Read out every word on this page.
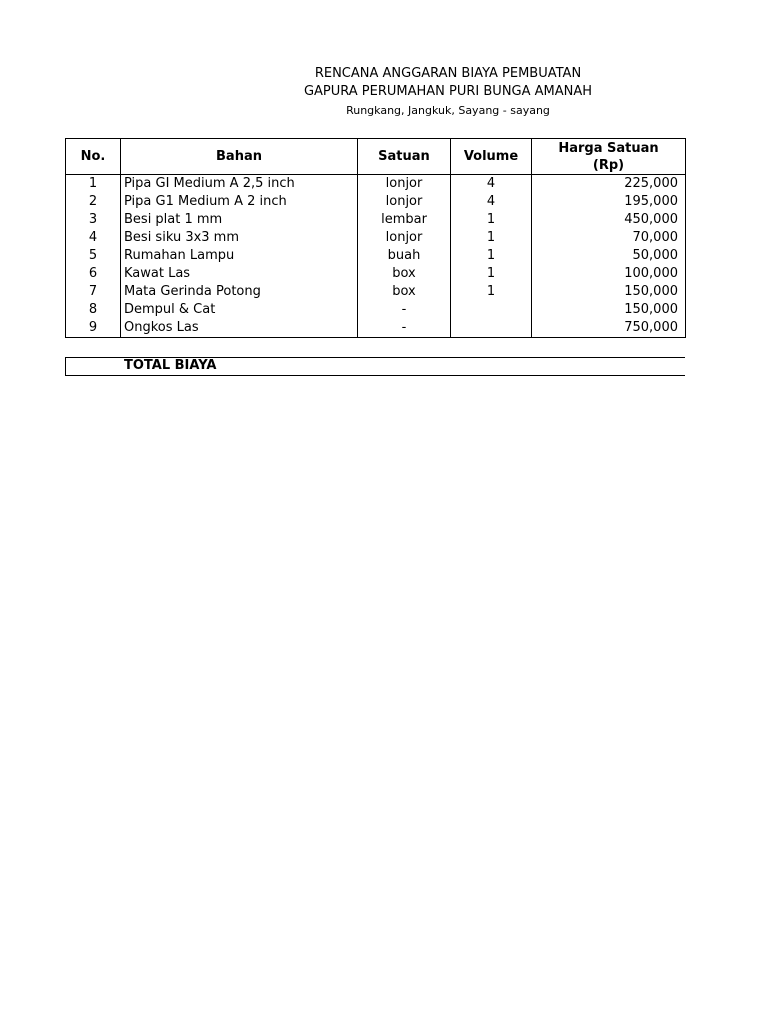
RENCANA ANGGARAN BIAYA PEMBUATAN
GAPURA PERUMAHAN PURI BUNGA AMANAH
Rungkang, Jangkuk, Sayang - sayang
No.	Bahan	Satuan	Volume	Harga Satuan
(Rp)

1	Pipa GI Medium A 2,5 inch	lonjor	4	225,000
2	Pipa G1 Medium A 2 inch	lonjor	4	195,000
3	Besi plat 1 mm	lembar	1	450,000
4	Besi siku 3x3 mm	lonjor	1	70,000
5	Rumahan Lampu	buah	1	50,000
6	Kawat Las	box	1	100,000
7	Mata Gerinda Potong	box	1	150,000
8	Dempul & Cat	-		150,000
9	Ongkos Las	-		750,000
TOTAL BIAYA
